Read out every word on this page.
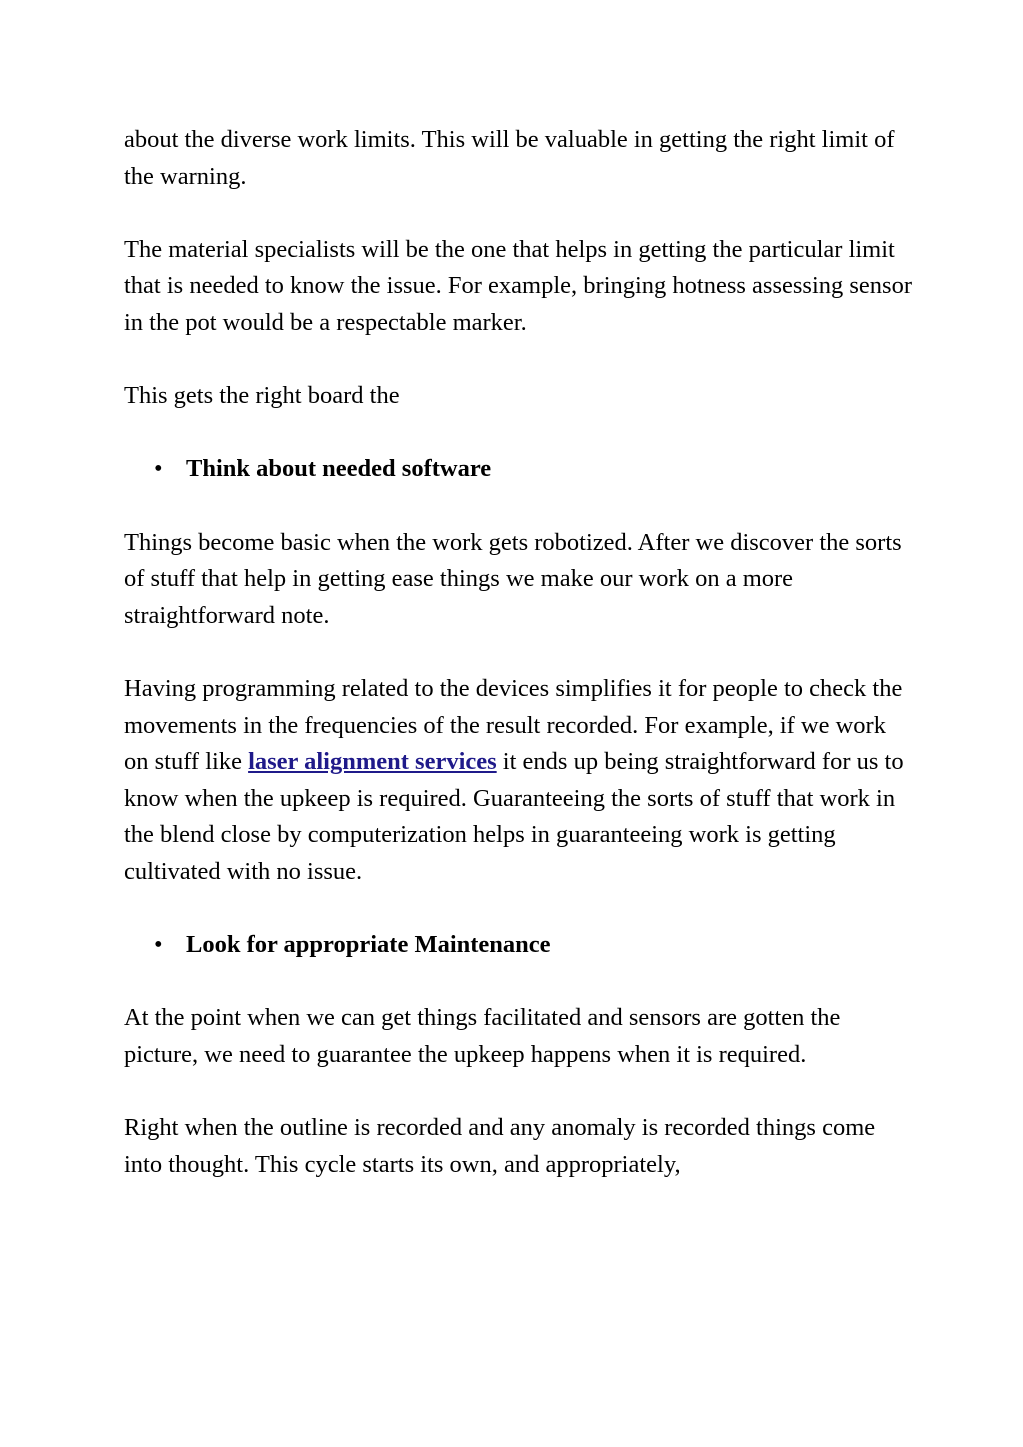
about the diverse work limits. This will be valuable in getting the right limit of the warning.

The material specialists will be the one that helps in getting the particular limit that is needed to know the issue. For example, bringing hotness assessing sensor in the pot would be a respectable marker.

This gets the right board the

• Think about needed software

Things become basic when the work gets robotized. After we discover the sorts of stuff that help in getting ease things we make our work on a more straightforward note.

Having programming related to the devices simplifies it for people to check the movements in the frequencies of the result recorded. For example, if we work on stuff like laser alignment services it ends up being straightforward for us to know when the upkeep is required. Guaranteeing the sorts of stuff that work in the blend close by computerization helps in guaranteeing work is getting cultivated with no issue.

• Look for appropriate Maintenance

At the point when we can get things facilitated and sensors are gotten the picture, we need to guarantee the upkeep happens when it is required.

Right when the outline is recorded and any anomaly is recorded things come into thought. This cycle starts its own, and appropriately,
